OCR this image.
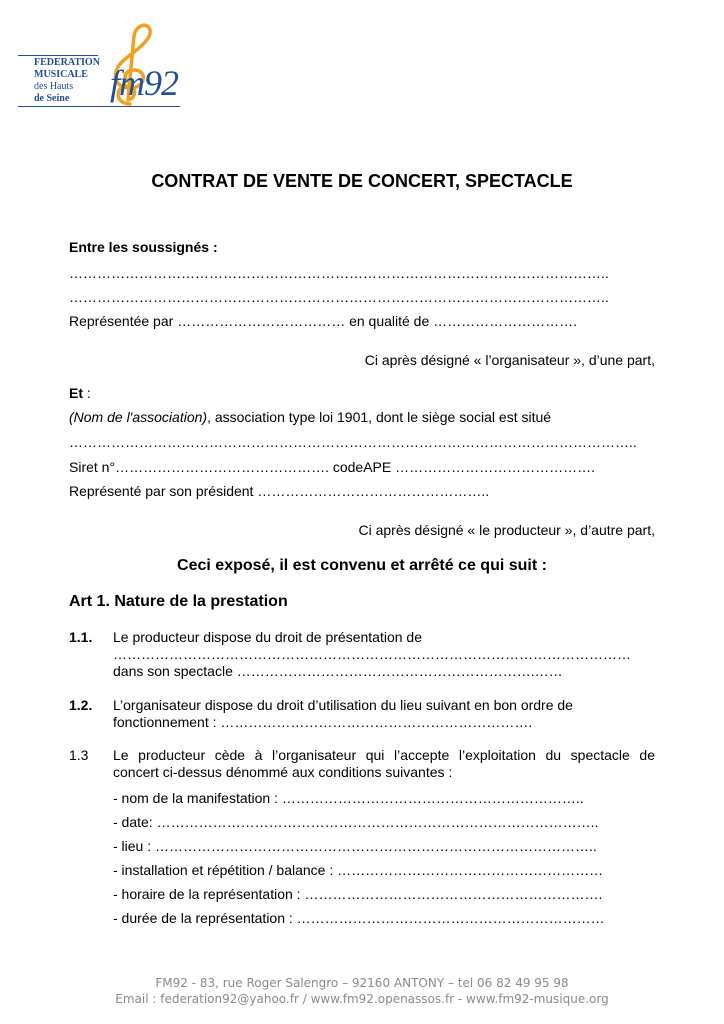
FEDERATION
MUSICALE
des Hauts
de Seine fm92
CONTRAT DE VENTE DE CONCERT, SPECTACLE
Entre les soussignés :
……………………………………………………………………………………………………..
……………………………………………………………………………………………………..
Représentée par ……………………………… en qualité de ………………………….
Ci après désigné « l’organisateur », d’une part,
Et :
(Nom de l'association), association type loi 1901, dont le siège social est situé
…………………………………………………………………………………………………………..
Siret n°………………………………………. codeAPE …………………………………….
Représenté par son président …………………………………………..
Ci après désigné « le producteur », d’autre part,
Ceci exposé, il est convenu et arrêté ce qui suit :
Art 1. Nature de la prestation
1.1. Le producteur dispose du droit de présentation de
…………………………………………………………………………………………………
dans son spectacle ……………………………………………………….……
1.2. L’organisateur dispose du droit d’utilisation du lieu suivant en bon ordre de
fonctionnement : ………………………………………………………….
1.3 Le producteur cède à l’organisateur qui l’accepte l’exploitation du spectacle de
concert ci-dessus dénommé aux conditions suivantes :
- nom de la manifestation : ………………………………………………………..
- date: …………………………………………………………………………………..
- lieu : …………………………………………………………………………………..
- installation et répétition / balance : …………………………………………………
- horaire de la représentation : ……………………………………………………….
- durée de la représentation : …………………………………………………………
FM92 - 83, rue Roger Salengro – 92160 ANTONY – tel 06 82 49 95 98
Email : federation92@yahoo.fr / www.fm92.openassos.fr - www.fm92-musique.org
